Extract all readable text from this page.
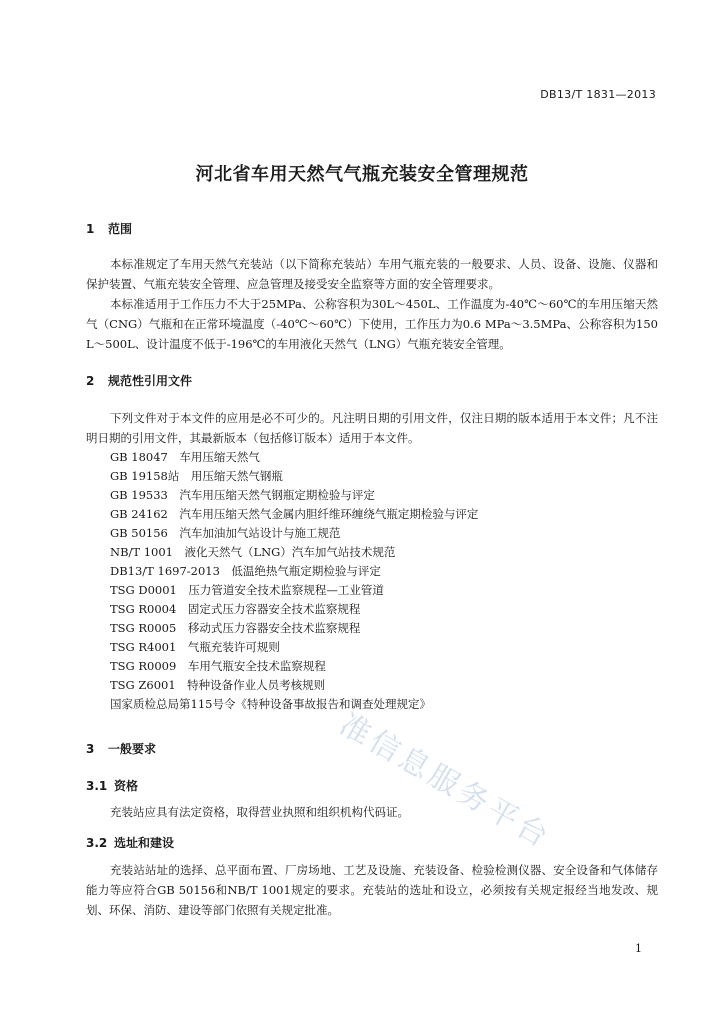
DB13/T 1831—2013
河北省车用天然气气瓶充装安全管理规范
1 范围

本标准规定了车用天然气充装站（以下简称充装站）车用气瓶充装的一般要求、人员、设备、设施、仪器和保护装置、气瓶充装安全管理、应急管理及接受安全监察等方面的安全管理要求。

本标准适用于工作压力不大于25MPa、公称容积为30L～450L、工作温度为-40℃～60℃的车用压缩天然气（CNG）气瓶和在正常环境温度（-40℃～60℃）下使用，工作压力为0.6 MPa～3.5MPa、公称容积为150 L～500L、设计温度不低于-196℃的车用液化天然气（LNG）气瓶充装安全管理。

2 规范性引用文件

下列文件对于本文件的应用是必不可少的。凡注明日期的引用文件，仅注日期的版本适用于本文件；凡不注明日期的引用文件，其最新版本（包括修订版本）适用于本文件。

GB 18047　车用压缩天然气
GB 19158站　用压缩天然气钢瓶
GB 19533　汽车用压缩天然气钢瓶定期检验与评定
GB 24162　汽车用压缩天然气金属内胆纤维环缠绕气瓶定期检验与评定
GB 50156　汽车加油加气站设计与施工规范
NB/T 1001　液化天然气（LNG）汽车加气站技术规范
DB13/T 1697-2013　低温绝热气瓶定期检验与评定
TSG D0001　压力管道安全技术监察规程—工业管道
TSG R0004　固定式压力容器安全技术监察规程
TSG R0005　移动式压力容器安全技术监察规程
TSG R4001　气瓶充装许可规则
TSG R0009　车用气瓶安全技术监察规程
TSG Z6001　特种设备作业人员考核规则
国家质检总局第115号令《特种设备事故报告和调查处理规定》
3 一般要求
3.1 资格

充装站应具有法定资格，取得营业执照和组织机构代码证。

3.2 选址和建设

充装站站址的选择、总平面布置、厂房场地、工艺及设施、充装设备、检验检测仪器、安全设备和气体储存能力等应符合GB 50156和NB/T 1001规定的要求。充装站的选址和设立，必须按有关规定报经当地发改、规划、环保、消防、建设等部门依照有关规定批准。

1
准信息服务平台
